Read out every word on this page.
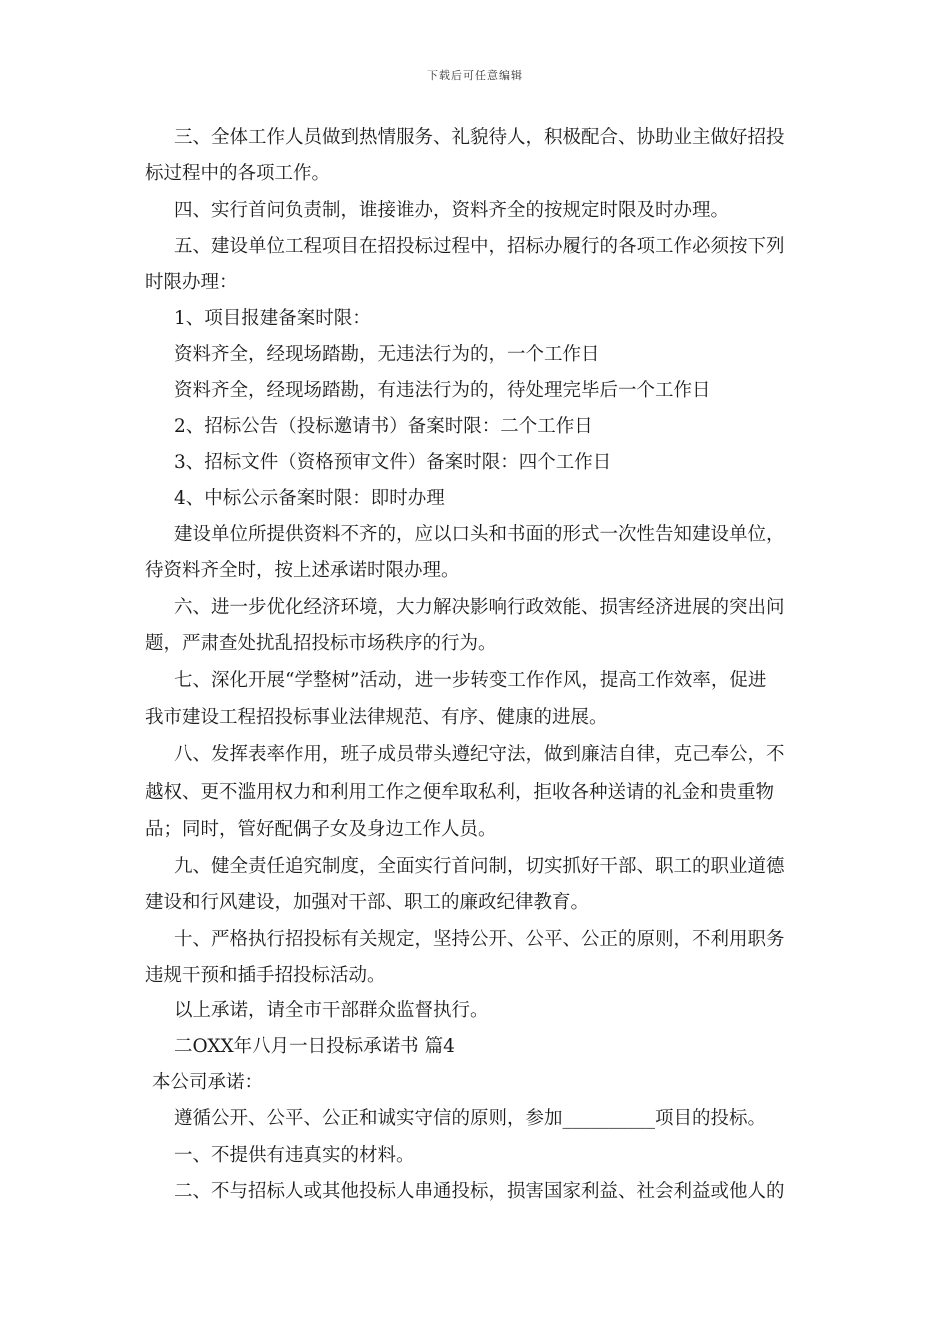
下载后可任意编辑
三、全体工作人员做到热情服务、礼貌待人，积极配合、协助业主做好招投
标过程中的各项工作。
四、实行首问负责制，谁接谁办，资料齐全的按规定时限及时办理。
五、建设单位工程项目在招投标过程中，招标办履行的各项工作必须按下列
时限办理：
1、项目报建备案时限：
资料齐全，经现场踏勘，无违法行为的，一个工作日
资料齐全，经现场踏勘，有违法行为的，待处理完毕后一个工作日
2、招标公告（投标邀请书）备案时限：二个工作日
3、招标文件（资格预审文件）备案时限：四个工作日
4、中标公示备案时限：即时办理
建设单位所提供资料不齐的，应以口头和书面的形式一次性告知建设单位，
待资料齐全时，按上述承诺时限办理。
六、进一步优化经济环境，大力解决影响行政效能、损害经济进展的突出问
题，严肃查处扰乱招投标市场秩序的行为。
七、深化开展“学整树”活动，进一步转变工作作风，提高工作效率，促进
我市建设工程招投标事业法律规范、有序、健康的进展。
八、发挥表率作用，班子成员带头遵纪守法，做到廉洁自律，克己奉公，不
越权、更不滥用权力和利用工作之便牟取私利，拒收各种送请的礼金和贵重物
品；同时，管好配偶子女及身边工作人员。
九、健全责任追究制度，全面实行首问制，切实抓好干部、职工的职业道德
建设和行风建设，加强对干部、职工的廉政纪律教育。
十、严格执行招投标有关规定，坚持公开、公平、公正的原则，不利用职务
违规干预和插手招投标活动。
以上承诺，请全市干部群众监督执行。
二OXX年八月一日投标承诺书 篇4
本公司承诺：
遵循公开、公平、公正和诚实守信的原则，参加__________项目的投标。
一、不提供有违真实的材料。
二、不与招标人或其他投标人串通投标，损害国家利益、社会利益或他人的
